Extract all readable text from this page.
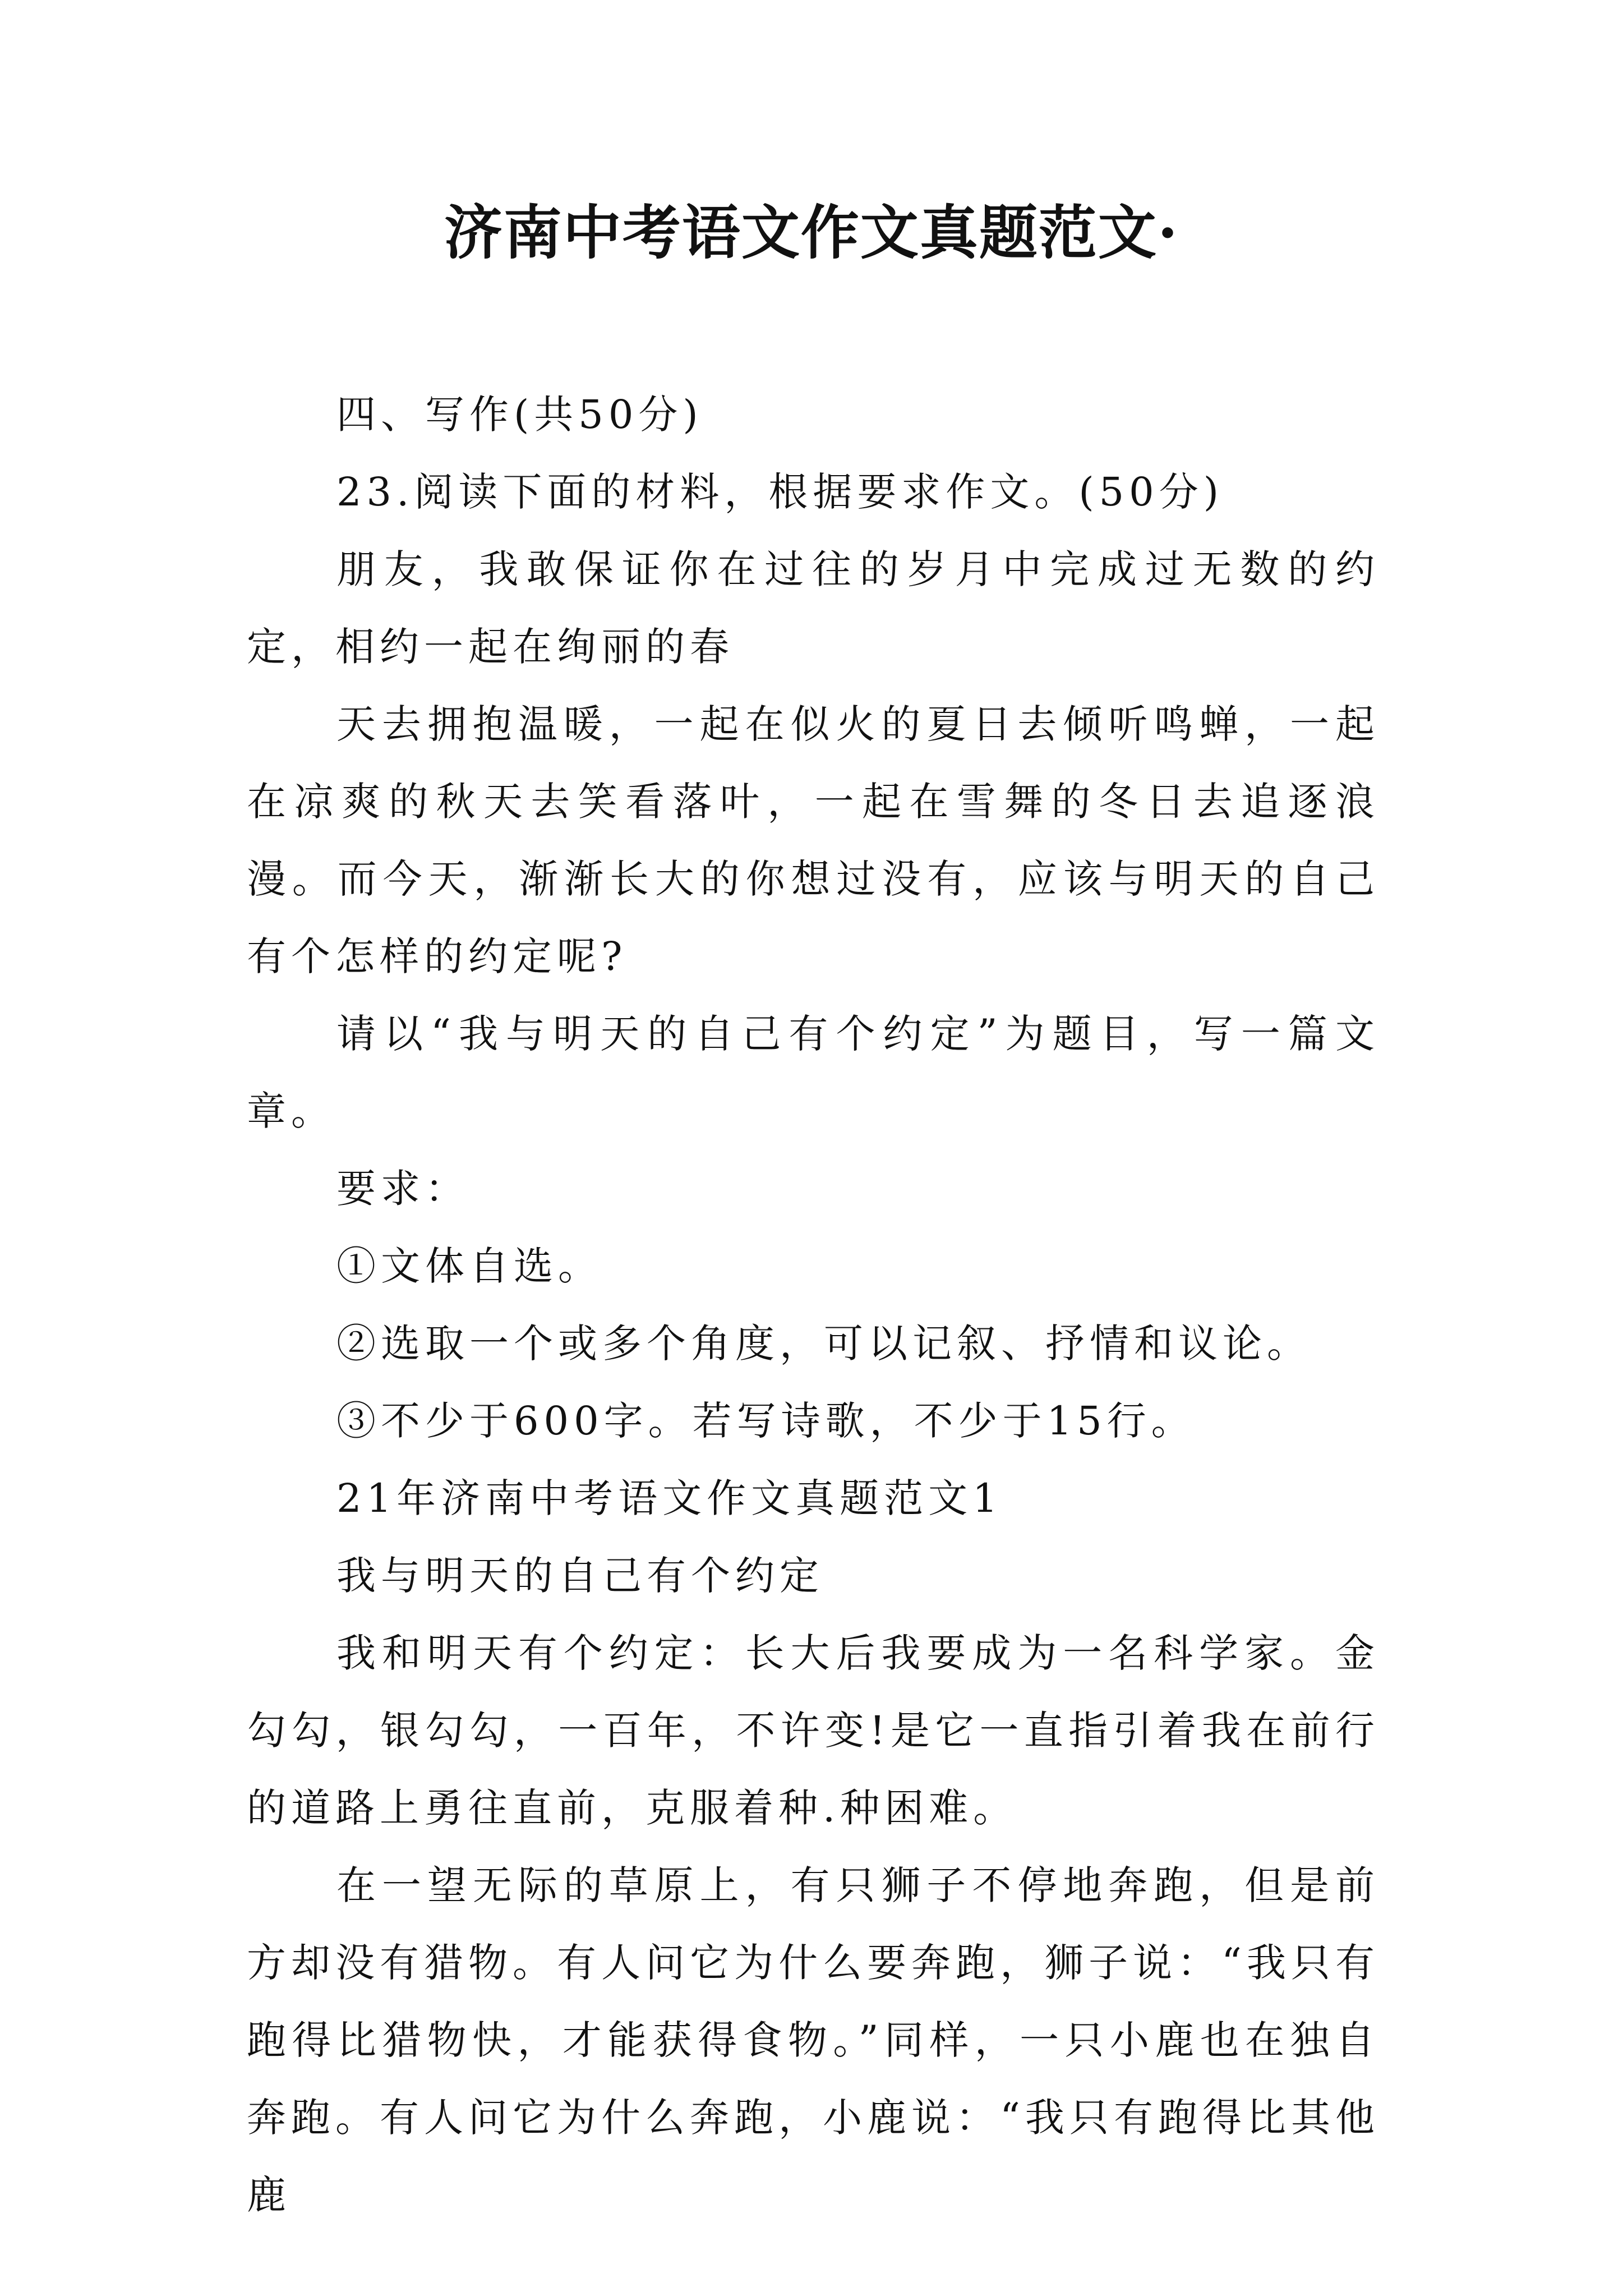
济南中考语文作文真题范文·

四、写作(共50分)

23.阅读下面的材料，根据要求作文。(50分)

朋友，我敢保证你在过往的岁月中完成过无数的约定，相约一起在绚丽的春

天去拥抱温暖，一起在似火的夏日去倾听鸣蝉，一起在凉爽的秋天去笑看落叶，一起在雪舞的冬日去追逐浪漫。而今天，渐渐长大的你想过没有，应该与明天的自己有个怎样的约定呢?

请以“我与明天的自己有个约定”为题目，写一篇文章。

要求：

①文体自选。

②选取一个或多个角度，可以记叙、抒情和议论。

③不少于600字。若写诗歌，不少于15行。

21年济南中考语文作文真题范文1

我与明天的自己有个约定

我和明天有个约定：长大后我要成为一名科学家。金勾勾，银勾勾，一百年，不许变!是它一直指引着我在前行的道路上勇往直前，克服着种.种困难。

在一望无际的草原上，有只狮子不停地奔跑，但是前方却没有猎物。有人问它为什么要奔跑，狮子说：“我只有跑得比猎物快，才能获得食物。”同样，一只小鹿也在独自奔跑。有人问它为什么奔跑，小鹿说：“我只有跑得比其他鹿
